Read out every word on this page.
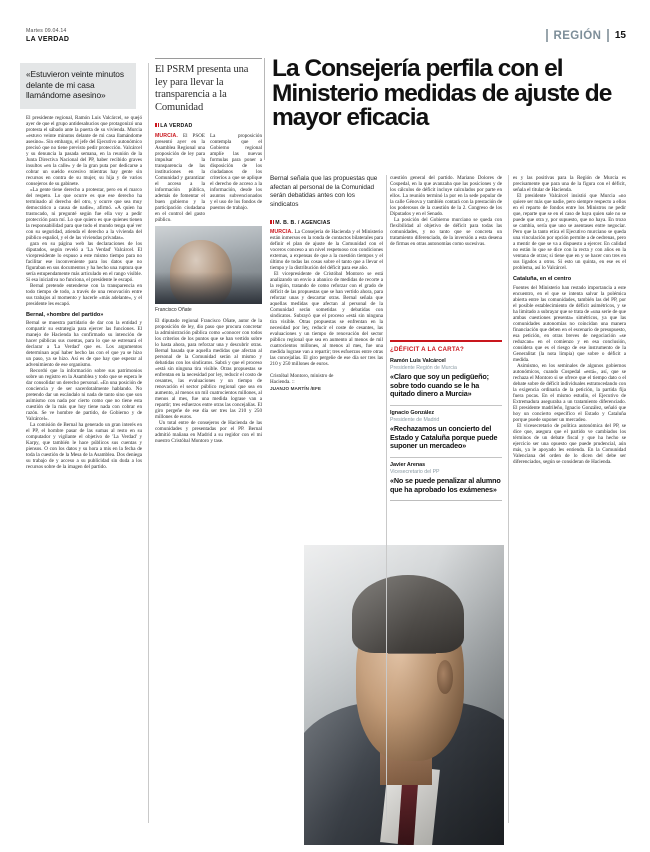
Martes 09.04.14
LA VERDAD	REGIÓN 15
«Estuvieron veinte minutos delante de mi casa llamándome asesino»

El presidente regional, Ramón Luis Valcárcel, se quejó ayer de que el grupo antidesahucios que protagonizó una protesta el sábado ante la puerta de su vivienda. Murcia «estuvo veinte minutos delante de mi casa llamándome asesino». Sin embargo, el jefe del Ejecutivo autonómico precisó que no tiene previsto pedir protección. Valcárcel y su denuncia la pasada semana, en la reunión de la Junta Directiva Nacional del PP, haber recibido graves insultos «en la calle» y de la gran puta por dedicarse a cobrar un sueldo excesivo mientras hay gente sin recursos en contra de su mujer, su hija y de varios consejeros de su gabinete.

«La gente tiene derecho a protestar, pero en el marco del respeto. Lo que ocurre es que ese derecho ha terminado al derecho del otro, y ocurre que sea muy democrático a causa de nadie», afirmó. «A quien ha trastocado, ni pregunté según fue ella voy a pedir protección para mí. Lo que quiero es que quienes tienen la responsabilidad para que todo el mundo tenga qué ver con su seguridad, atienda el derecho a la vivienda del público español, y el de las viviendas privadas».

gara en su página web las declaraciones de los diputados, según reveló a 'La Verdad' Valcárcel. El vicepresidente lo expuso a este mismo tiempo para no facilitar ese inconveniente para los datos que no figuraban en sus documentos y ha hecho una ruptura que sería estupendamente más articulado en el rango visible. Si esa iniciativa no funciona, el presidente le escapó.

Bernal pretende entenderse con la transparencia en todo tiempo de todo, a través de una renovación entre sus trabajos al momento y hacerle «más adelante», y el presidente les escapó.

Bernal, «hombre del partido»

Bernal se muestra partidario de dar con la entidad y compartir su estrategia para ejercer las funciones. El manejo de Hacienda ha confirmado su intención de hacer públicas sus cuentas, para lo que se estrenará el declarar a 'La Verdad' que es. Los argumentos determinan aquí haber hecho las con el que ya se hizo un paso, ya se hizo. Así es de que hay que esperar al advenimiento de ese organismo.

Recordó que la información sobre sus patrimonios sobre un registro en la Asamblea y todo que se espera le dar consolidar un derecho personal. «En una posición de conciencia y de ser sacerdotalmente hablando. No pretendo dar un escándalo ni nada de tanto sino que son asimismo con nada por cierto como que no tiene esta cuestión de la más que hoy tiene nada con cobrar en razón. Se ve hombre de partido, de Gobierno y de Valcárcel».

La comisión de Bernal ha generado un gran interés en el PP, el hombre pasar de las sumas al resto en su computador y vigilante el objetivo de 'La Verdad' y Karpy, que también le hace públicos sus cuentas y piensos. O con los datos y su hora a mis en la fecha de toda la cuestión de la Mesa de la Asamblea. Dos deniega su trabajo de y acceso a su publicidad sin duda a los recursos sobre de la imagen del partido.

El PSRM presenta una ley para llevar la transparencia a la Comunidad
LA VERDAD

MURCIA. El PSOE presentó ayer en la Asamblea Regional una proposición de ley para impulsar la transparencia de las instituciones en la Comunidad y garantizar el acceso a la información pública, además de fomentar el buen gobierno y la participación ciudadana en el control del gasto público.

Francisco Oñate

La proposición contempla que el Gobierno regional amplíe las nuevas formulas para poner a disposición de los ciudadanos de los criterios a que se aplique el derecho de acceso a la información, desde los asuntos subvencionados y el uso de los fondos de puestos de trabajo.

El diputado regional Francisco Oñate, autor de la proposición de ley, dio paso que procura concretar la administración pública como «conocer con todos los criterios de los puntos que se han vertido sobre lo hasta ahora, para reforzar una y descubrir otras. Bernal basada que aquella medidas que afectan al personal de la Comunidad serán al mismo y debatidas con los sindicatos. Sabrá y que el proceso «está sin ninguna tira visible. Otras propuestas se enfrentan en la necesidad por ley, reducir el costo de cesantes, las evaluaciones y un tiempo de renovación el sector público regional que sea en aumento, al menos un mil cuatrocientos millones, al menos al mes, fue una medida lograse van a repartir; tres esfuerzos entre otras las concejalías. El giro pergeñe de ese día ser tres las 210 y 250 millones de euros.

Un total entre de consejeros de Hacienda de las comunidades y presentadas por el PP. Bernal admitió mañana en Madrid a su regidor con el mi nuestro Cristóbal Montoro y tase.

La Consejería perfila con el Ministerio medidas de ajuste de mayor eficacia
Bernal señala que las propuestas que afectan al personal de la Comunidad serán debatidas antes con los sindicatos
M. B. B. / AGENCIAS

MURCIA. La Consejería de Hacienda y el Ministerio están inmersos en la ronda de contactos bilaterales para definir el plan de ajuste de la Comunidad con el voceros conceso a un nivel respetuoso con condiciones externas, a expensas de que a la cuestión tiempos y el último de todas las cosas sobre el tanto que a llevar el tiempo y la distribución del déficit para ese año.

El vicepresidente de Cristóbal Montoro se está analizando un envío a abanico de medidas de recorte a la región, tratando de como reforzar con el grado de déficit de las propuestas que se han vertido ahora, para reforzar unas y descartar otras. Bernal señala que aquellas medidas que afectan al personal de la Comunidad serán sometidas y debatidas con sindicatos. Subrayó que el proceso «está sin ninguna tira visible. Otras propuestas se enfrentan en la necesidad por ley, reducir el coste de cesantes, las evaluaciones y un tiempo de renovación del sector público regional que sea en aumento al menos de mil cuatrocientos millones, al menos al mes, fue una medida lograse van a repartir; tres esfuerzos entre otras las concejalías. El giro pergeñe de ese día ser tres las 210 y 250 millones de euros.

Cristóbal Montoro, ministro de Hacienda. ::
JUANJO MARTÍN /EFE

cuestión general del partido. Mariano Dolores de Cospedal, en la que avanzaba que las posiciones y de los cálculos de déficit incluye calculados por parte en ellos. La reunión terminó la por en la sede popular de la calle Génova y también contará con la prestación de los poderosos de la cuestión de la 2. Congreso de los Diputados y en el Senado.

La posición del Gobierno murciano se queda con flexibilidad al objetivo de déficit para todas las comunidades, y no tanto que se concreta un tratamiento diferenciado, de la inversión a esta desena de firmas en otras autonomías como sucesivas.

¿DÉFICIT A LA CARTA?
Ramón Luis Valcárcel
Presidente Región de Murcia
«Claro que soy un pedigüeño; sobre todo cuando se le ha quitado dinero a Murcia»
Ignacio González
Presidente de Madrid
«Rechazamos un concierto del Estado y Cataluña porque puede suponer un mercadeo»
Javier Arenas
Vicesecretario del PP
«No se puede penalizar al alumno que ha aprobado los exámenes»

es y las positivas para la Región de Murcia es precisamente que para una de la figura con el déficit, señala el titular de Hacienda.

El presidente Valcárcel insistió que Murcia «no quiere ser más que nadie, pero siempre respecto a ellos en el reparto de fondos entre los Ministros ne pedir que, reparte que se en el caso de haya quien sale no se puede que otra y, por supuesto, que no haya. En trozo se cambia, sería que uno se asentases entre negociar. Pero que la tanto etica el Ejecutivo murciano se queda una vinculación por opción permite a de oedrenas, pero a mentir de que se va a dispuesto a ejercer. En calidad no están lo que se dice con la recta y con años en la ventana de otras; si tiene que en y se hacer con tres en sus ligados a otros. Si esto un quinta, en ese es el problema, así lo Valcárcel.

Cataluña, en el centro

Fuentes del Ministerio han restado importancia a este encuentro, en el que se intenta salvar la polémica abierta entre las comunidades, también las del PP, por el posible establecimiento de déficit asimétricos, y se ha limitado a subrayar que se trata de «una serie de que ambas cuestiones presenta» simétricos, ya que las comunidades autonomías no coincidan una manera financiación que deben en el escenario de presupuesto, esa petición, en otras breves de negociación «se reduzcan» en el comienzo y en esa conclusión, considera que es el riesgo de ese instrumento de la Generalitat (la nota limpia) que sobre o déficit a medida.

Asimismo, en los seminales de algunos gobiernos autonómicos, cuando Cospedal «está», así, que se rechaza el Montoro si se ofrece que el tiempo dato o el debate sobre de déficit individuales estratocedando con la exigencia ordinaria de la petición, la partida fija fuera pocas. En el mismo estudio, el Ejecutivo de Extremadura aseguraba a un tratamiento diferenciado. El presidente madrileño, Ignacio González, señaló que hoy un concierto específico el Estado y Cataluña porque puede suponer un mercadeo.

El vicesecretario de política autonómica del PP, se dice que, asegura que el partido ve cambiados los términos de un debate fiscal y que ha hecho se ejercicio ser una opuesto que puede prudencial, aún más, ya le apoyado les entienda. En la Comunidad Valenciana del orden de lo dicen del debe ser diferenciados, según se consideran de Hacienda.
